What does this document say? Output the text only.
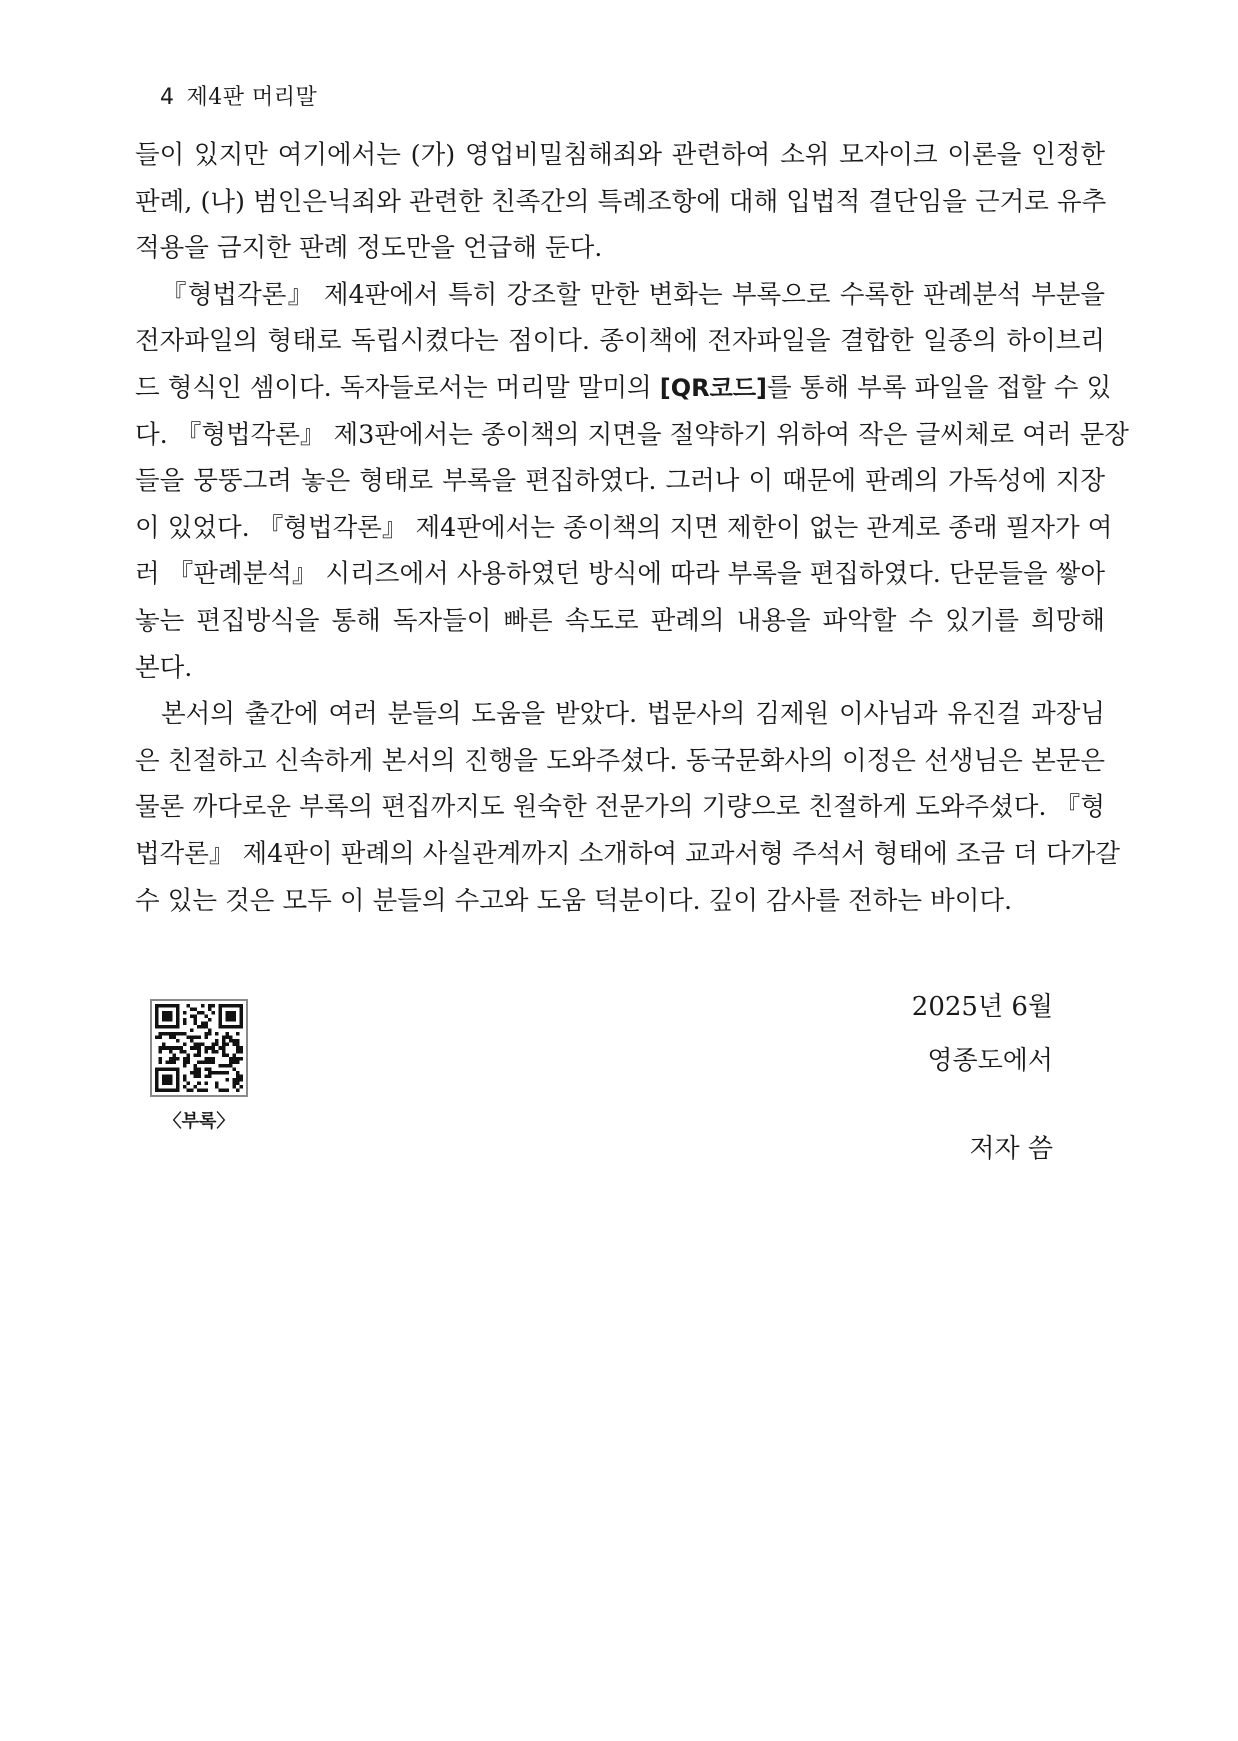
4 제4판 머리말
들이 있지만 여기에서는 (가) 영업비밀침해죄와 관련하여 소위 모자이크 이론을 인정한
판례, (나) 범인은닉죄와 관련한 친족간의 특례조항에 대해 입법적 결단임을 근거로 유추
적용을 금지한 판례 정도만을 언급해 둔다.
『형법각론』 제4판에서 특히 강조할 만한 변화는 부록으로 수록한 판례분석 부분을
전자파일의 형태로 독립시켰다는 점이다. 종이책에 전자파일을 결합한 일종의 하이브리
드 형식인 셈이다. 독자들로서는 머리말 말미의 [QR코드]를 통해 부록 파일을 접할 수 있
다. 『형법각론』 제3판에서는 종이책의 지면을 절약하기 위하여 작은 글씨체로 여러 문장
들을 뭉뚱그려 놓은 형태로 부록을 편집하였다. 그러나 이 때문에 판례의 가독성에 지장
이 있었다. 『형법각론』 제4판에서는 종이책의 지면 제한이 없는 관계로 종래 필자가 여
러 『판례분석』 시리즈에서 사용하였던 방식에 따라 부록을 편집하였다. 단문들을 쌓아
놓는 편집방식을 통해 독자들이 빠른 속도로 판례의 내용을 파악할 수 있기를 희망해
본다.
본서의 출간에 여러 분들의 도움을 받았다. 법문사의 김제원 이사님과 유진걸 과장님
은 친절하고 신속하게 본서의 진행을 도와주셨다. 동국문화사의 이정은 선생님은 본문은
물론 까다로운 부록의 편집까지도 원숙한 전문가의 기량으로 친절하게 도와주셨다. 『형
법각론』 제4판이 판례의 사실관계까지 소개하여 교과서형 주석서 형태에 조금 더 다가갈
수 있는 것은 모두 이 분들의 수고와 도움 덕분이다. 깊이 감사를 전하는 바이다.
〈부록〉
2025년 6월
영종도에서
저자 씀
